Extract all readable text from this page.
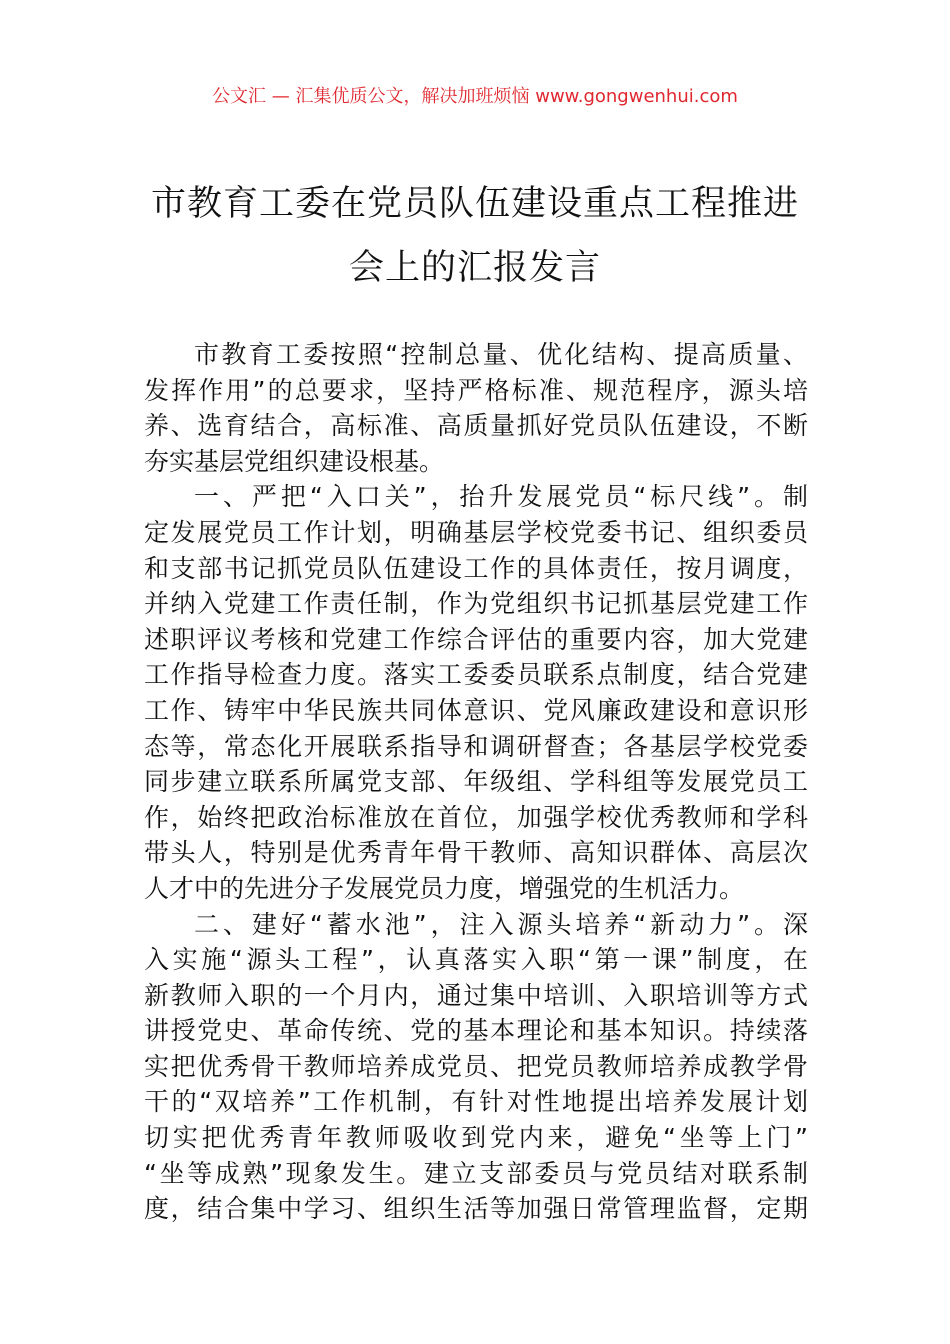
公文汇 — 汇集优质公文，解决加班烦恼 www.gongwenhui.com
市教育工委在党员队伍建设重点工程推进
会上的汇报发言
市教育工委按照“控制总量、优化结构、提高质量、
发挥作用”的总要求，坚持严格标准、规范程序，源头培
养、选育结合，高标准、高质量抓好党员队伍建设，不断
夯实基层党组织建设根基。
一、严把“入口关”，抬升发展党员“标尺线”。制
定发展党员工作计划，明确基层学校党委书记、组织委员
和支部书记抓党员队伍建设工作的具体责任，按月调度，
并纳入党建工作责任制，作为党组织书记抓基层党建工作
述职评议考核和党建工作综合评估的重要内容，加大党建
工作指导检查力度。落实工委委员联系点制度，结合党建
工作、铸牢中华民族共同体意识、党风廉政建设和意识形
态等，常态化开展联系指导和调研督查；各基层学校党委
同步建立联系所属党支部、年级组、学科组等发展党员工
作，始终把政治标准放在首位，加强学校优秀教师和学科
带头人，特别是优秀青年骨干教师、高知识群体、高层次
人才中的先进分子发展党员力度，增强党的生机活力。
二、建好“蓄水池”，注入源头培养“新动力”。深
入实施“源头工程”，认真落实入职“第一课”制度，在
新教师入职的一个月内，通过集中培训、入职培训等方式
讲授党史、革命传统、党的基本理论和基本知识。持续落
实把优秀骨干教师培养成党员、把党员教师培养成教学骨
干的“双培养”工作机制，有针对性地提出培养发展计划
切实把优秀青年教师吸收到党内来，避免“坐等上门”
“坐等成熟”现象发生。建立支部委员与党员结对联系制
度，结合集中学习、组织生活等加强日常管理监督，定期
